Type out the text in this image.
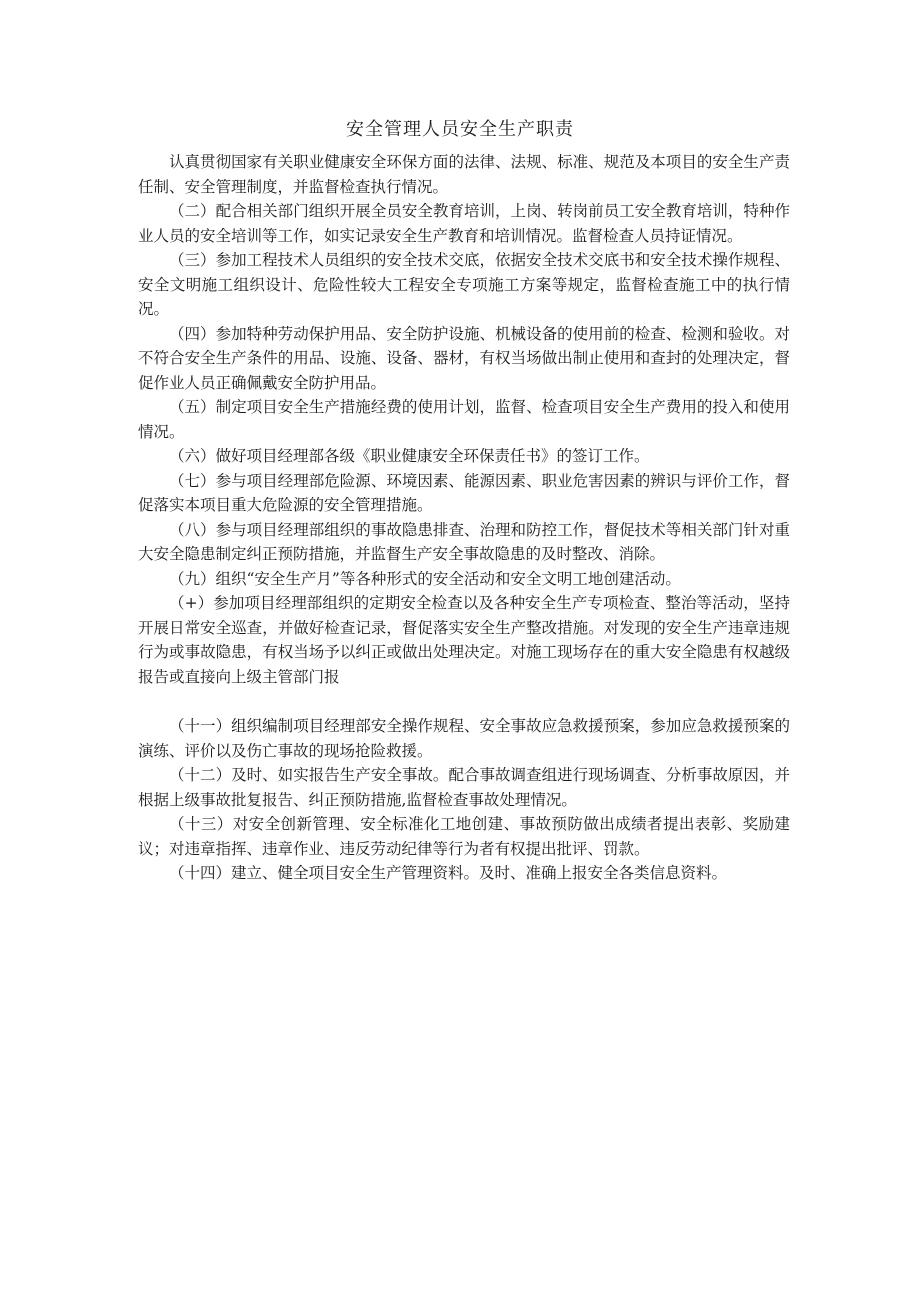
安全管理人员安全生产职责

认真贯彻国家有关职业健康安全环保方面的法律、法规、标准、规范及本项目的安全生产责任制、安全管理制度，并监督检查执行情况。

（二）配合相关部门组织开展全员安全教育培训，上岗、转岗前员工安全教育培训，特种作业人员的安全培训等工作，如实记录安全生产教育和培训情况。监督检查人员持证情况。

（三）参加工程技术人员组织的安全技术交底，依据安全技术交底书和安全技术操作规程、安全文明施工组织设计、危险性较大工程安全专项施工方案等规定，监督检查施工中的执行情况。

（四）参加特种劳动保护用品、安全防护设施、机械设备的使用前的检查、检测和验收。对不符合安全生产条件的用品、设施、设备、器材，有权当场做出制止使用和查封的处理决定，督促作业人员正确佩戴安全防护用品。

（五）制定项目安全生产措施经费的使用计划，监督、检查项目安全生产费用的投入和使用情况。

（六）做好项目经理部各级《职业健康安全环保责任书》的签订工作。

（七）参与项目经理部危险源、环境因素、能源因素、职业危害因素的辨识与评价工作，督促落实本项目重大危险源的安全管理措施。

（八）参与项目经理部组织的事故隐患排查、治理和防控工作，督促技术等相关部门针对重大安全隐患制定纠正预防措施，并监督生产安全事故隐患的及时整改、消除。

（九）组织“安全生产月”等各种形式的安全活动和安全文明工地创建活动。

（+）参加项目经理部组织的定期安全检查以及各种安全生产专项检查、整治等活动，坚持开展日常安全巡查，并做好检查记录，督促落实安全生产整改措施。对发现的安全生产违章违规行为或事故隐患，有权当场予以纠正或做出处理决定。对施工现场存在的重大安全隐患有权越级报告或直接向上级主管部门报

（十一）组织编制项目经理部安全操作规程、安全事故应急救援预案，参加应急救援预案的演练、评价以及伤亡事故的现场抢险救援。

（十二）及时、如实报告生产安全事故。配合事故调查组进行现场调查、分析事故原因，并根据上级事故批复报告、纠正预防措施,监督检查事故处理情况。

（十三）对安全创新管理、安全标准化工地创建、事故预防做出成绩者提出表彰、奖励建议；对违章指挥、违章作业、违反劳动纪律等行为者有权提出批评、罚款。

（十四）建立、健全项目安全生产管理资料。及时、准确上报安全各类信息资料。
